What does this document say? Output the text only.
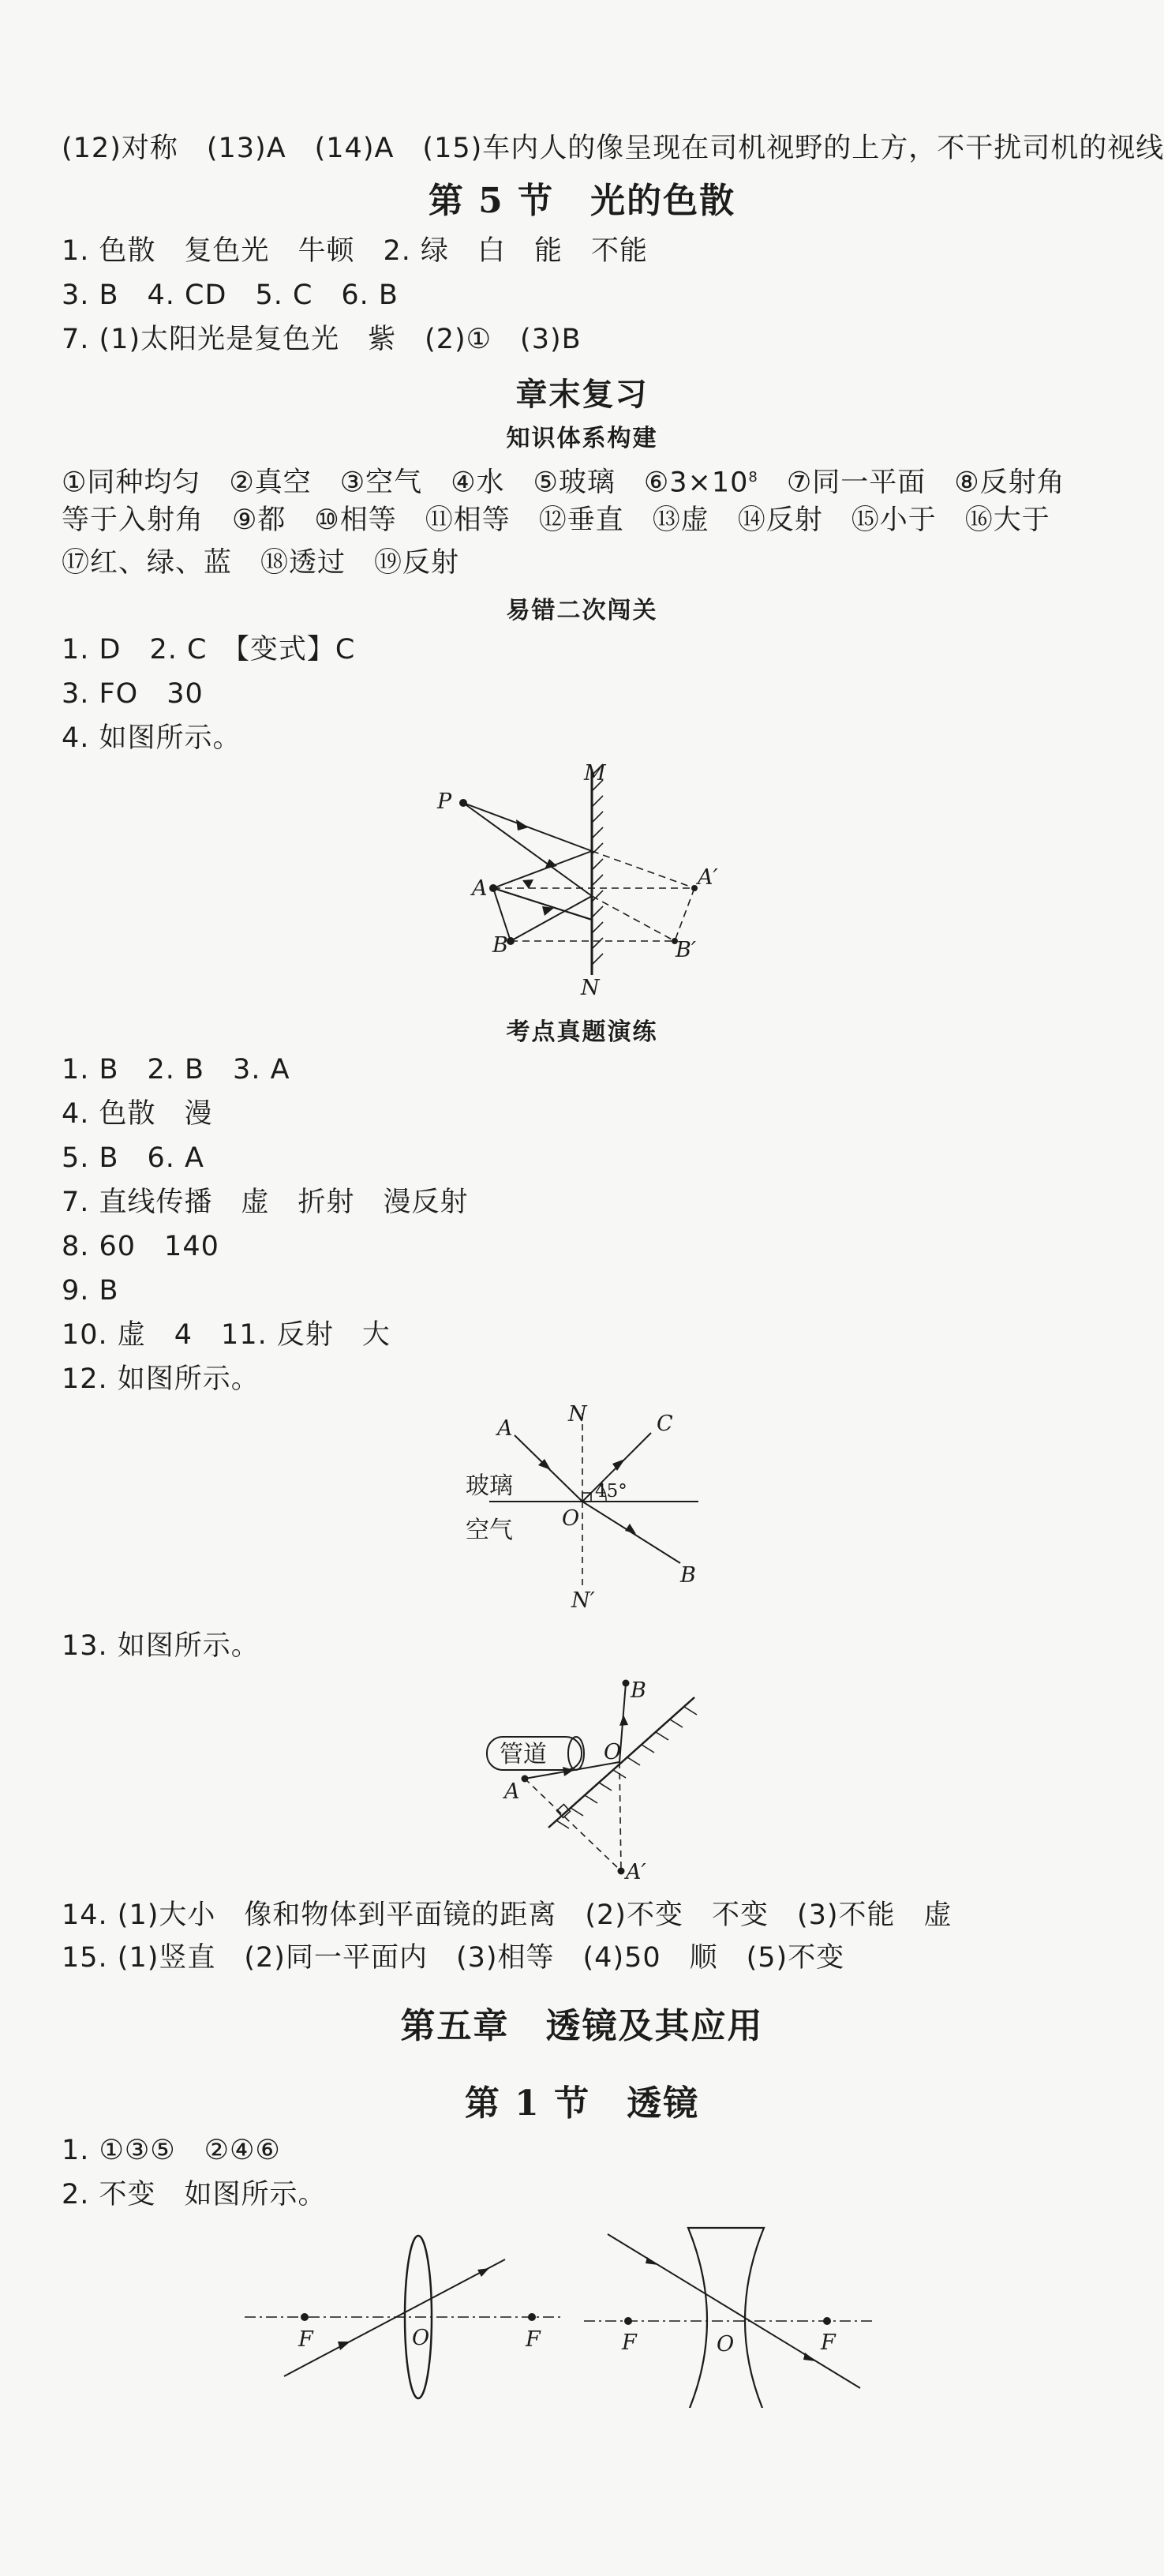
(12)对称　(13)A　(14)A　(15)车内人的像呈现在司机视野的上方，不干扰司机的视线
第 5 节　光的色散
1. 色散　复色光　牛顿　2. 绿　白　能　不能
3. B　4. CD　5. C　6. B
7. (1)太阳光是复色光　紫　(2)①　(3)B
章末复习
知识体系构建
①同种均匀　②真空　③空气　④水　⑤玻璃　$⑥3\times 10^8$　⑦同一平面　⑧反射角
等于入射角　⑨都　⑩相等　⑪相等　⑫垂直　⑬虚　⑭反射　⑮小于　⑯大于
⑰红、绿、蓝　⑱透过　⑲反射
易错二次闯关
1. D　2. C　【变式】C
3. FO　30
4. 如图所示。
M
N
P
A
B
A′
B′
考点真题演练
1. B　2. B　3. A
4. 色散　漫
5. B　6. A
7. 直线传播　虚　折射　漫反射
8. 60　140
9. B
10. 虚　4　11. 反射　大
12. 如图所示。
A
N	C
玻璃
空气 O
45°
B
N′
13. 如图所示。
管道	O
B
A
A′
14. (1)大小　像和物体到平面镜的距离　(2)不变　不变　(3)不能　虚
15. (1)竖直　(2)同一平面内　(3)相等　(4)50　顺　(5)不变
第五章　透镜及其应用
第 1 节　透镜
1. ①③⑤　②④⑥
2. 不变　如图所示。
F	O	F	F	O	F
